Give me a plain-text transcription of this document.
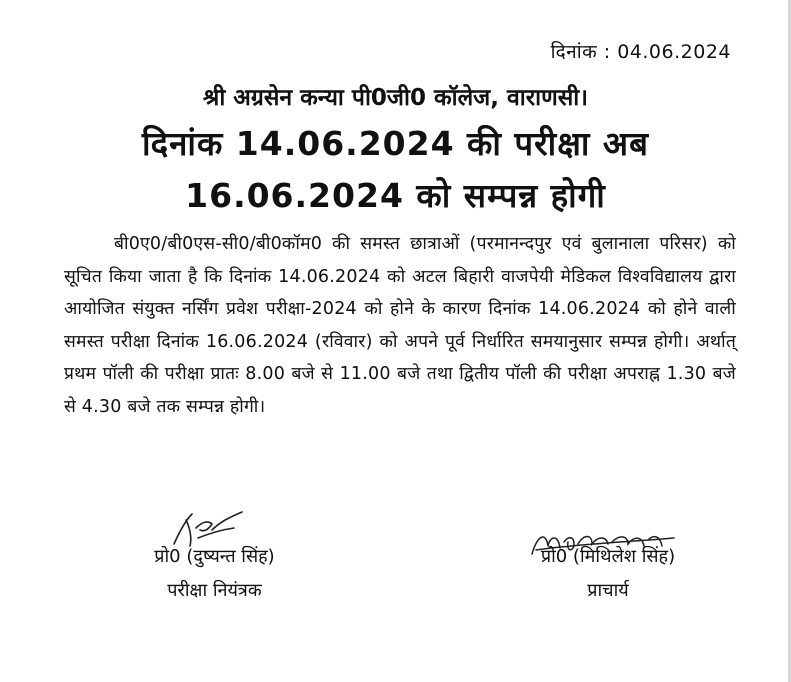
दिनांक : 04.06.2024
श्री अग्रसेन कन्या पी0जी0 कॉलेज, वाराणसी।
दिनांक 14.06.2024 की परीक्षा अब
16.06.2024 को सम्पन्न होगी

बी0ए0/बी0एस-सी0/बी0कॉम0 की समस्त छात्राओं (परमानन्दपुर एवं बुलानाला परिसर) को सूचित किया जाता है कि दिनांक 14.06.2024 को अटल बिहारी वाजपेयी मेडिकल विश्वविद्यालय द्वारा आयोजित संयुक्त नर्सिंग प्रवेश परीक्षा-2024 को होने के कारण दिनांक 14.06.2024 को होने वाली समस्त परीक्षा दिनांक 16.06.2024 (रविवार) को अपने पूर्व निर्धारित समयानुसार सम्पन्न होगी। अर्थात् प्रथम पॉली की परीक्षा प्रातः 8.00 बजे से 11.00 बजे तथा द्वितीय पॉली की परीक्षा अपराह्न 1.30 बजे से 4.30 बजे तक सम्पन्न होगी।

प्रो0 (दुष्यन्त सिंह)
परीक्षा नियंत्रक
प्रो0 (मिथिलेश सिंह)
प्राचार्य
